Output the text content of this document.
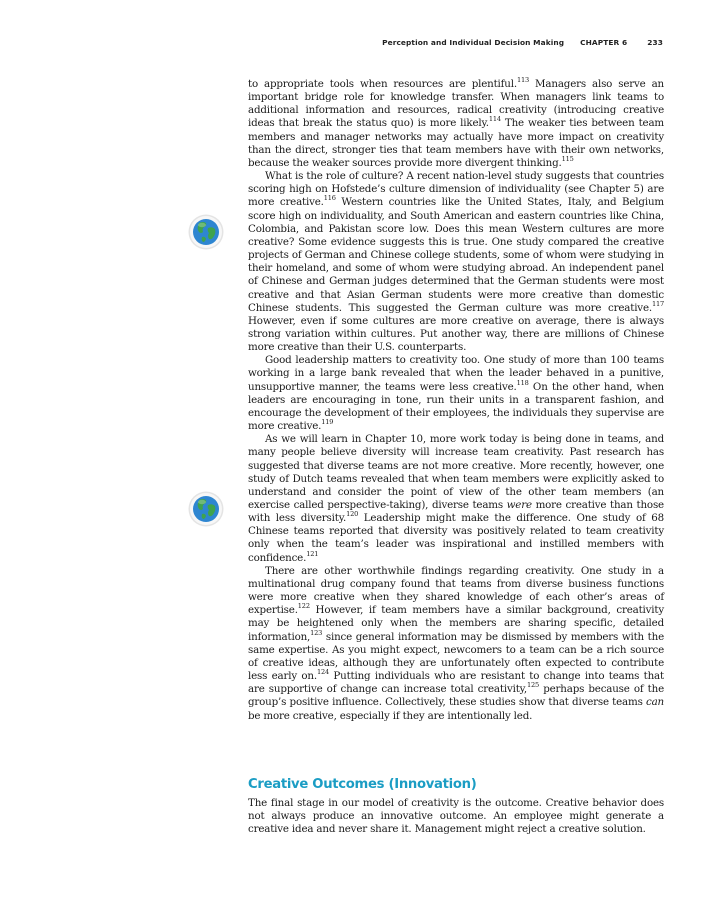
Perception and Individual Decision Making CHAPTER 6	233

to appropriate tools when resources are plentiful.$^{113}$ Managers also serve an important bridge role for knowledge transfer. When managers link teams to additional information and resources, radical creativity (introducing creative ideas that break the status quo) is more likely.$^{114}$ The weaker ties between team members and manager networks may actually have more impact on creativity than the direct, stronger ties that team members have with their own networks, because the weaker sources provide more divergent thinking.$^{115}$

What is the role of culture? A recent nation-level study suggests that countries scoring high on Hofstede’s culture dimension of individuality (see Chapter 5) are more creative.$^{116}$ Western countries like the United States, Italy, and Belgium score high on individuality, and South American and eastern countries like China, Colombia, and Pakistan score low. Does this mean Western cultures are more creative? Some evidence suggests this is true. One study compared the creative projects of German and Chinese college students, some of whom were studying in their homeland, and some of whom were studying abroad. An independent panel of Chinese and German judges determined that the German students were most creative and that Asian German students were more creative than domestic Chinese students. This suggested the German culture was more creative.$^{117}$ However, even if some cultures are more creative on average, there is always strong variation within cultures. Put another way, there are millions of Chinese more creative than their U.S. counterparts.

Good leadership matters to creativity too. One study of more than 100 teams working in a large bank revealed that when the leader behaved in a punitive, unsupportive manner, the teams were less creative.$^{118}$ On the other hand, when leaders are encouraging in tone, run their units in a transparent fashion, and encourage the development of their employees, the individuals they supervise are more creative.$^{119}$

As we will learn in Chapter 10, more work today is being done in teams, and many people believe diversity will increase team creativity. Past research has suggested that diverse teams are not more creative. More recently, however, one study of Dutch teams revealed that when team members were explicitly asked to understand and consider the point of view of the other team members (an exercise called perspective-taking), diverse teams were more creative than those with less diversity.$^{120}$ Leadership might make the difference. One study of 68 Chinese teams reported that diversity was positively related to team creativity only when the team’s leader was inspirational and instilled members with confidence.$^{121}$

There are other worthwhile findings regarding creativity. One study in a multinational drug company found that teams from diverse business functions were more creative when they shared knowledge of each other’s areas of expertise.$^{122}$ However, if team members have a similar background, creativity may be heightened only when the members are sharing specific, detailed information,$^{123}$ since general information may be dismissed by members with the same expertise. As you might expect, newcomers to a team can be a rich source of creative ideas, although they are unfortunately often expected to contribute less early on.$^{124}$ Putting individuals who are resistant to change into teams that are supportive of change can increase total creativity,$^{125}$ perhaps because of the group’s positive influence. Collectively, these studies show that diverse teams can be more creative, especially if they are intentionally led.

Creative Outcomes (Innovation)

The final stage in our model of creativity is the outcome. Creative behavior does not always produce an innovative outcome. An employee might generate a creative idea and never share it. Management might reject a creative solution.
